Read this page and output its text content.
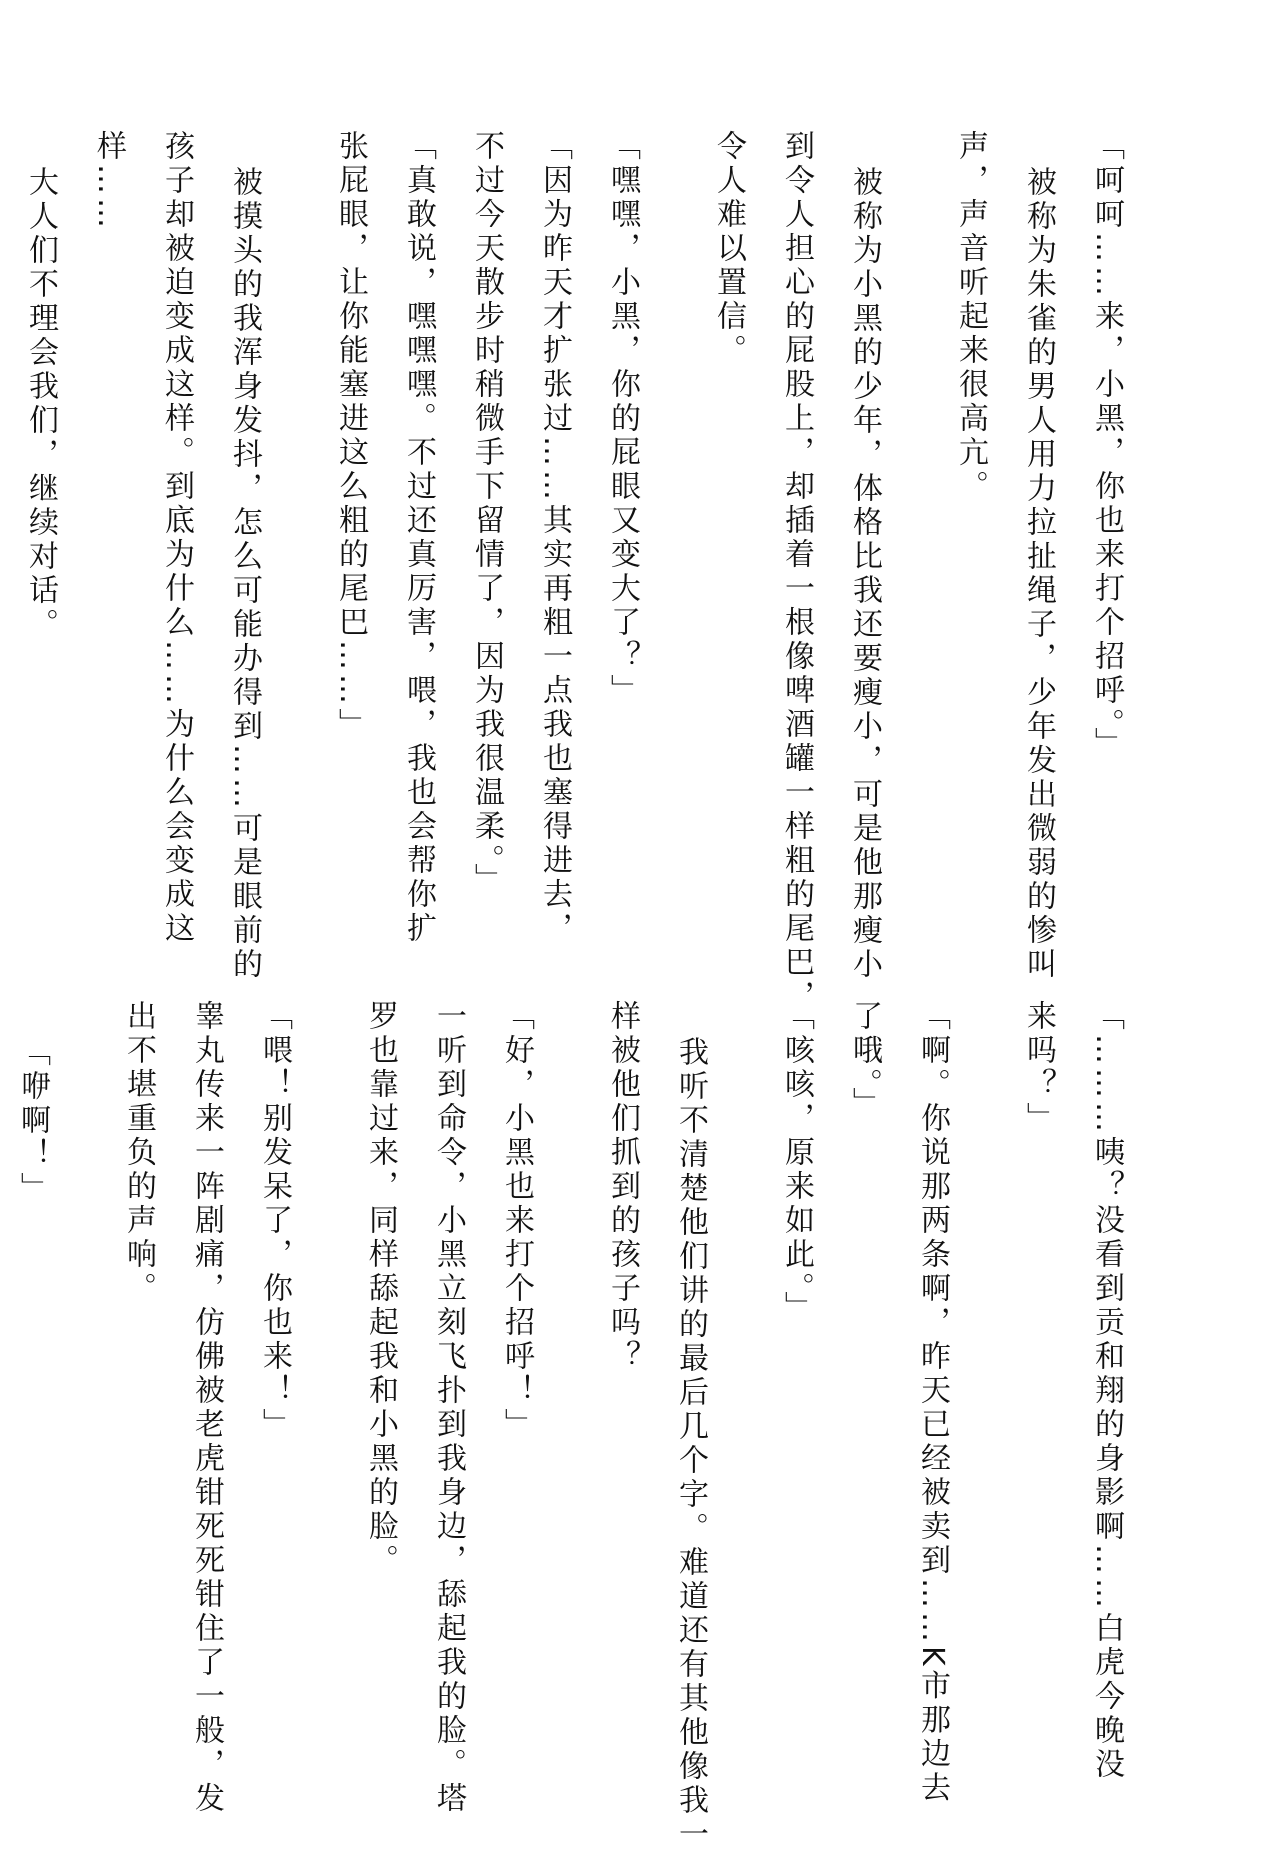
「呵呵……来，小黑，你也来打个招呼。」
被称为朱雀的男人用力拉扯绳子，少年发出微弱的惨叫
声，声音听起来很高亢。
被称为小黑的少年，体格比我还要瘦小，可是他那瘦小
到令人担心的屁股上，却插着一根像啤酒罐一样粗的尾巴，
令人难以置信。
「嘿嘿，小黑，你的屁眼又变大了？」
「因为昨天才扩张过……其实再粗一点我也塞得进去，
不过今天散步时稍微手下留情了，因为我很温柔。」
「真敢说，嘿嘿嘿。不过还真厉害，喂，我也会帮你扩
张屁眼，让你能塞进这么粗的尾巴……」
被摸头的我浑身发抖，怎么可能办得到……可是眼前的
孩子却被迫变成这样。到底为什么……为什么会变成这
样……
大人们不理会我们，继续对话。
「………咦？没看到贡和翔的身影啊……白虎今晚没
来吗？」
「啊。你说那两条啊，昨天已经被卖到……K市那边去
了哦。」
「咳咳，原来如此。」
我听不清楚他们讲的最后几个字。难道还有其他像我一
样被他们抓到的孩子吗？
「好，小黑也来打个招呼！」
一听到命令，小黑立刻飞扑到我身边，舔起我的脸。塔
罗也靠过来，同样舔起我和小黑的脸。
「喂！别发呆了，你也来！」
睾丸传来一阵剧痛，仿佛被老虎钳死死钳住了一般，发
出不堪重负的声响。
「咿啊！」
